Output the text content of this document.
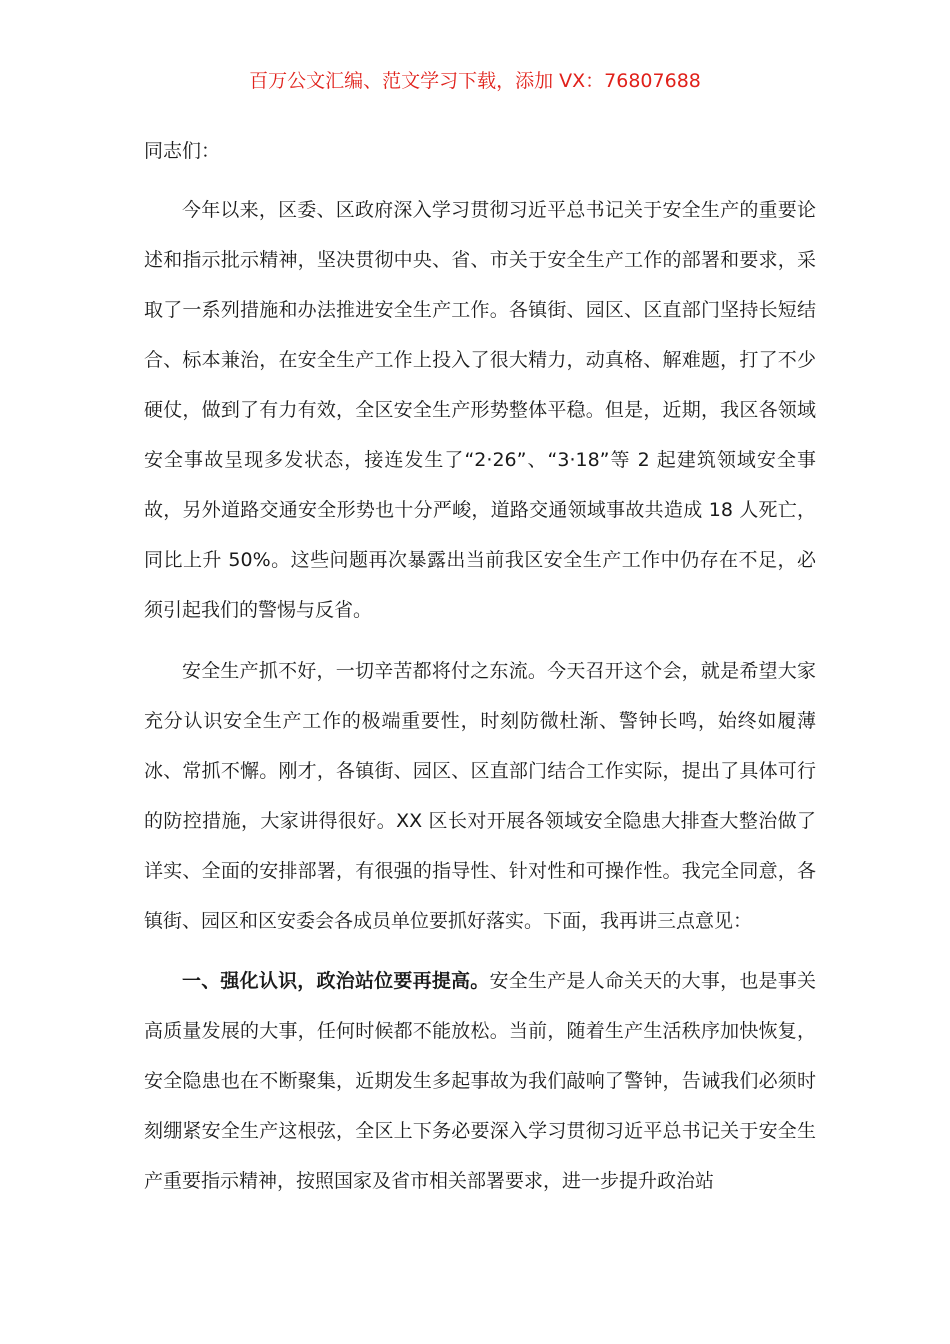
百万公文汇编、范文学习下载，添加 VX：76807688
同志们：

今年以来，区委、区政府深入学习贯彻习近平总书记关于安全生产的重要论述和指示批示精神，坚决贯彻中央、省、市关于安全生产工作的部署和要求，采取了一系列措施和办法推进安全生产工作。各镇街、园区、区直部门坚持长短结合、标本兼治，在安全生产工作上投入了很大精力，动真格、解难题，打了不少硬仗，做到了有力有效，全区安全生产形势整体平稳。但是，近期，我区各领域安全事故呈现多发状态，接连发生了“2·26”、“3·18”等 2 起建筑领域安全事故，另外道路交通安全形势也十分严峻，道路交通领域事故共造成 18 人死亡，同比上升 50%。这些问题再次暴露出当前我区安全生产工作中仍存在不足，必须引起我们的警惕与反省。

安全生产抓不好，一切辛苦都将付之东流。今天召开这个会，就是希望大家充分认识安全生产工作的极端重要性，时刻防微杜渐、警钟长鸣，始终如履薄冰、常抓不懈。刚才，各镇街、园区、区直部门结合工作实际，提出了具体可行的防控措施，大家讲得很好。XX 区长对开展各领域安全隐患大排查大整治做了详实、全面的安排部署，有很强的指导性、针对性和可操作性。我完全同意，各镇街、园区和区安委会各成员单位要抓好落实。下面，我再讲三点意见：

一、强化认识，政治站位要再提高。安全生产是人命关天的大事，也是事关高质量发展的大事，任何时候都不能放松。当前，随着生产生活秩序加快恢复，安全隐患也在不断聚集，近期发生多起事故为我们敲响了警钟，告诫我们必须时刻绷紧安全生产这根弦，全区上下务必要深入学习贯彻习近平总书记关于安全生产重要指示精神，按照国家及省市相关部署要求，进一步提升政治站
